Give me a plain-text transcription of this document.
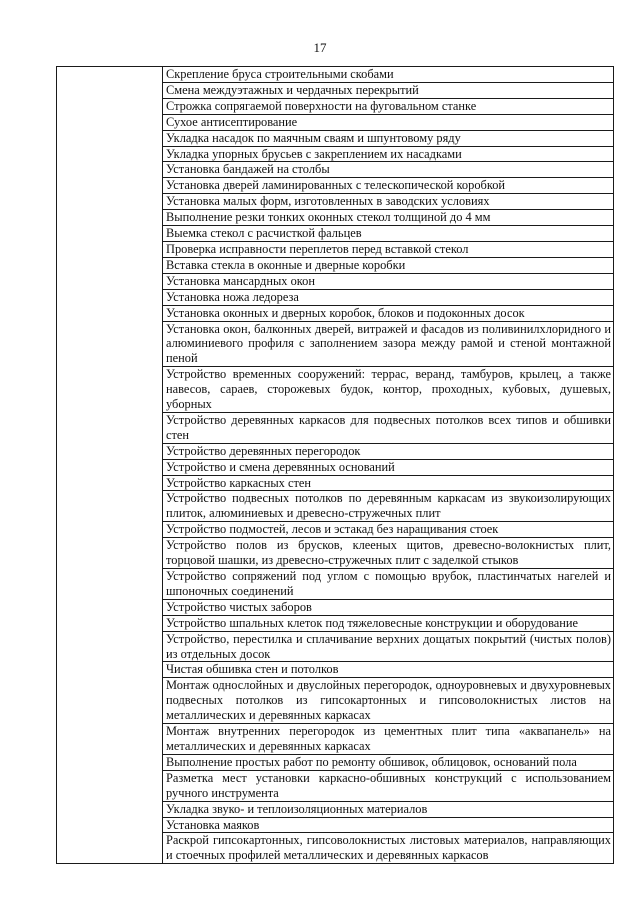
17
	Скрепление бруса строительными скобами
Смена междуэтажных и чердачных перекрытий
Строжка сопрягаемой поверхности на фуговальном станке
Сухое антисептирование
Укладка насадок по маячным сваям и шпунтовому ряду
Укладка упорных брусьев с закреплением их насадками
Установка бандажей на столбы
Установка дверей ламинированных с телескопической коробкой
Установка малых форм, изготовленных в заводских условиях
Выполнение резки тонких оконных стекол толщиной до 4 мм
Выемка стекол с расчисткой фальцев
Проверка исправности переплетов перед вставкой стекол
Вставка стекла в оконные и дверные коробки
Установка мансардных окон
Установка ножа ледореза
Установка оконных и дверных коробок, блоков и подоконных досок
Установка окон, балконных дверей, витражей и фасадов из поливинилхлоридного и алюминиевого профиля с заполнением зазора между рамой и стеной монтажной пеной
Устройство временных сооружений: террас, веранд, тамбуров, крылец, а также навесов, сараев, сторожевых будок, контор, проходных, кубовых, душевых, уборных
Устройство деревянных каркасов для подвесных потолков всех типов и обшивки стен
Устройство деревянных перегородок
Устройство и смена деревянных оснований
Устройство каркасных стен
Устройство подвесных потолков по деревянным каркасам из звукоизолирующих плиток, алюминиевых и древесно-стружечных плит
Устройство подмостей, лесов и эстакад без наращивания стоек
Устройство полов из брусков, клееных щитов, древесно-волокнистых плит, торцовой шашки, из древесно-стружечных плит с заделкой стыков
Устройство сопряжений под углом с помощью врубок, пластинчатых нагелей и шпоночных соединений
Устройство чистых заборов
Устройство шпальных клеток под тяжеловесные конструкции и оборудование
Устройство, перестилка и сплачивание верхних дощатых покрытий (чистых полов) из отдельных досок
Чистая обшивка стен и потолков
Монтаж однослойных и двуслойных перегородок, одноуровневых и двухуровневых подвесных потолков из гипсокартонных и гипсоволокнистых листов на металлических и деревянных каркасах
Монтаж внутренних перегородок из цементных плит типа «аквапанель» на металлических и деревянных каркасах
Выполнение простых работ по ремонту обшивок, облицовок, оснований пола
Разметка мест установки каркасно-обшивных конструкций с использованием ручного инструмента
Укладка звуко- и теплоизоляционных материалов
Установка маяков
Раскрой гипсокартонных, гипсоволокнистых листовых материалов, направляющих и стоечных профилей металлических и деревянных каркасов
